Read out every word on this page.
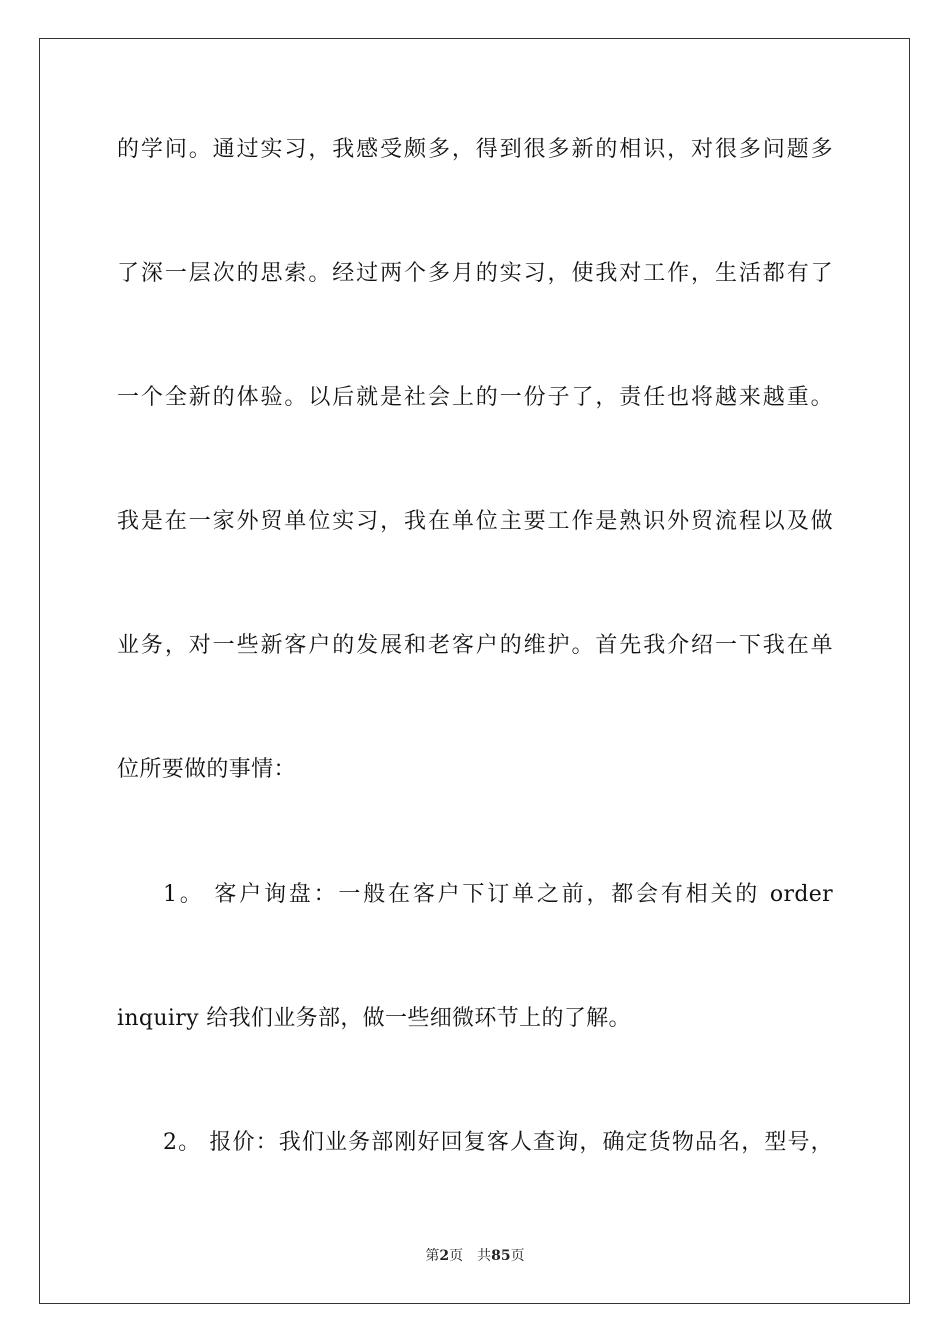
的学问。通过实习，我感受颇多，得到很多新的相识，对很多问题多
了深一层次的思索。经过两个多月的实习，使我对工作，生活都有了
一个全新的体验。以后就是社会上的一份子了，责任也将越来越重。
我是在一家外贸单位实习，我在单位主要工作是熟识外贸流程以及做
业务，对一些新客户的发展和老客户的维护。首先我介绍一下我在单
位所要做的事情：
1。 客户询盘：一般在客户下订单之前，都会有相关的 order
inquiry 给我们业务部，做一些细微环节上的了解。
2。 报价：我们业务部刚好回复客人查询，确定货物品名，型号，
第2页 共85页
